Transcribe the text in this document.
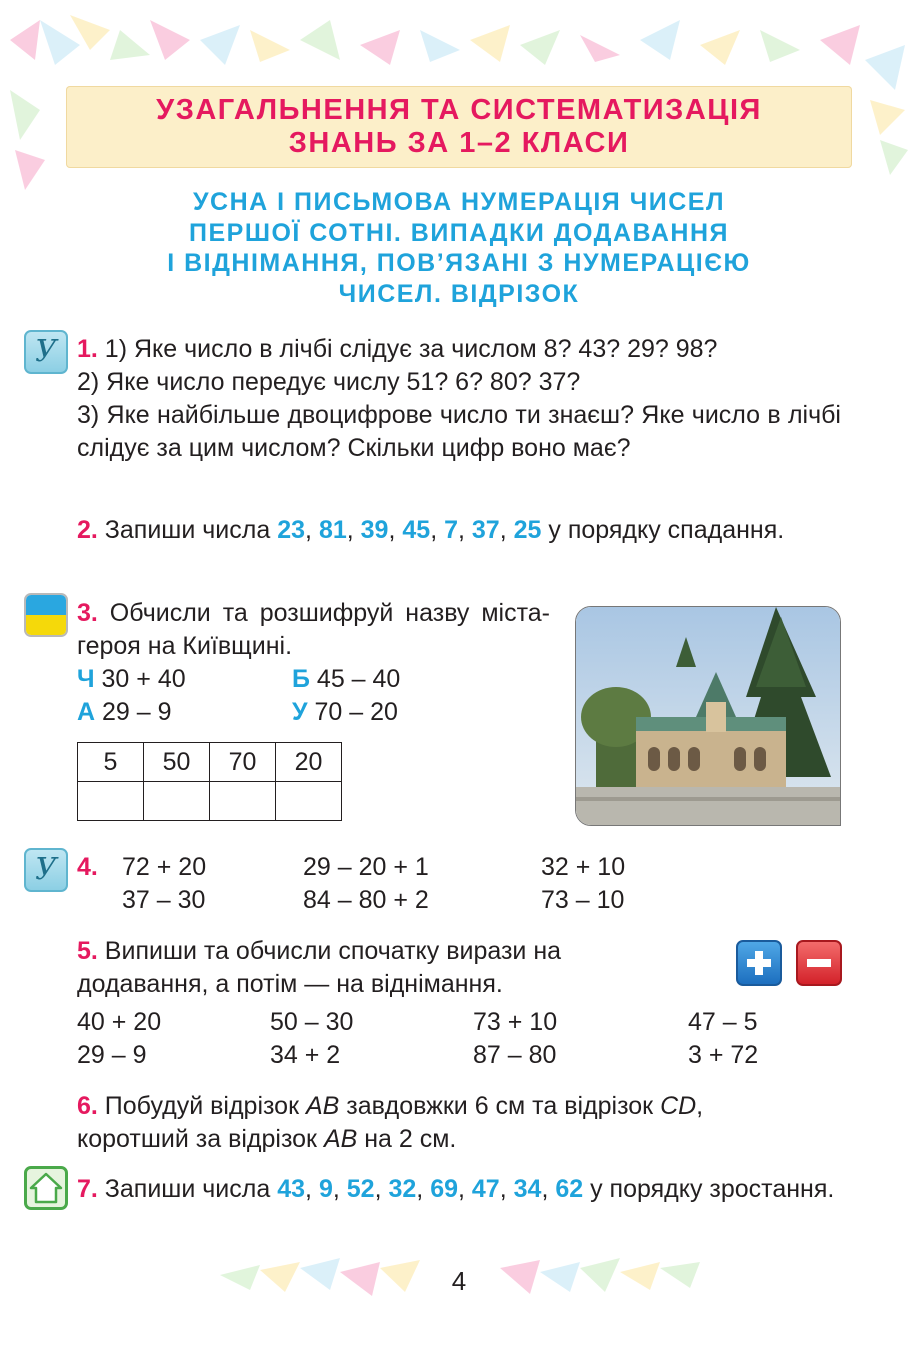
УЗАГАЛЬНЕННЯ ТА СИСТЕМАТИЗАЦІЯ
ЗНАНЬ ЗА 1–2 КЛАСИ
УСНА І ПИСЬМОВА НУМЕРАЦІЯ ЧИСЕЛ
ПЕРШОЇ СОТНІ. ВИПАДКИ ДОДАВАННЯ
І ВІДНІМАННЯ, ПОВ’ЯЗАНІ З НУМЕРАЦІЄЮ
ЧИСЕЛ. ВІДРІЗОК
У 1. 1) Яке число в лічбі слідує за числом 8? 43? 29? 98?
2) Яке число передує числу 51? 6? 80? 37?
3) Яке найбільше двоцифрове число ти знаєш? Яке число в лічбі слідує за цим числом? Скільки цифр воно має?
2. Запиши числа 23, 81, 39, 45, 7, 37, 25 у порядку спадання.
3. Обчисли та розшифруй назву міста-героя на Київщині.
Ч 30 + 40	Б 45 – 40
А 29 – 9	У 70 – 20
5	50	70	20

У 4. 72 + 20	29 – 20 + 1	32 + 10
37 – 30	84 – 80 + 2	73 – 10
5. Випиши та обчисли спочатку вирази на
додавання, а потім — на віднімання.
40 + 20	50 – 30	73 + 10	47 – 5
29 – 9	34 + 2	87 – 80	3 + 72
6. Побудуй відрізок AB завдовжки 6 см та відрізок CD,
коротший за відрізок AB на 2 см.
7. Запиши числа 43, 9, 52, 32, 69, 47, 34, 62 у порядку зростання.
4
